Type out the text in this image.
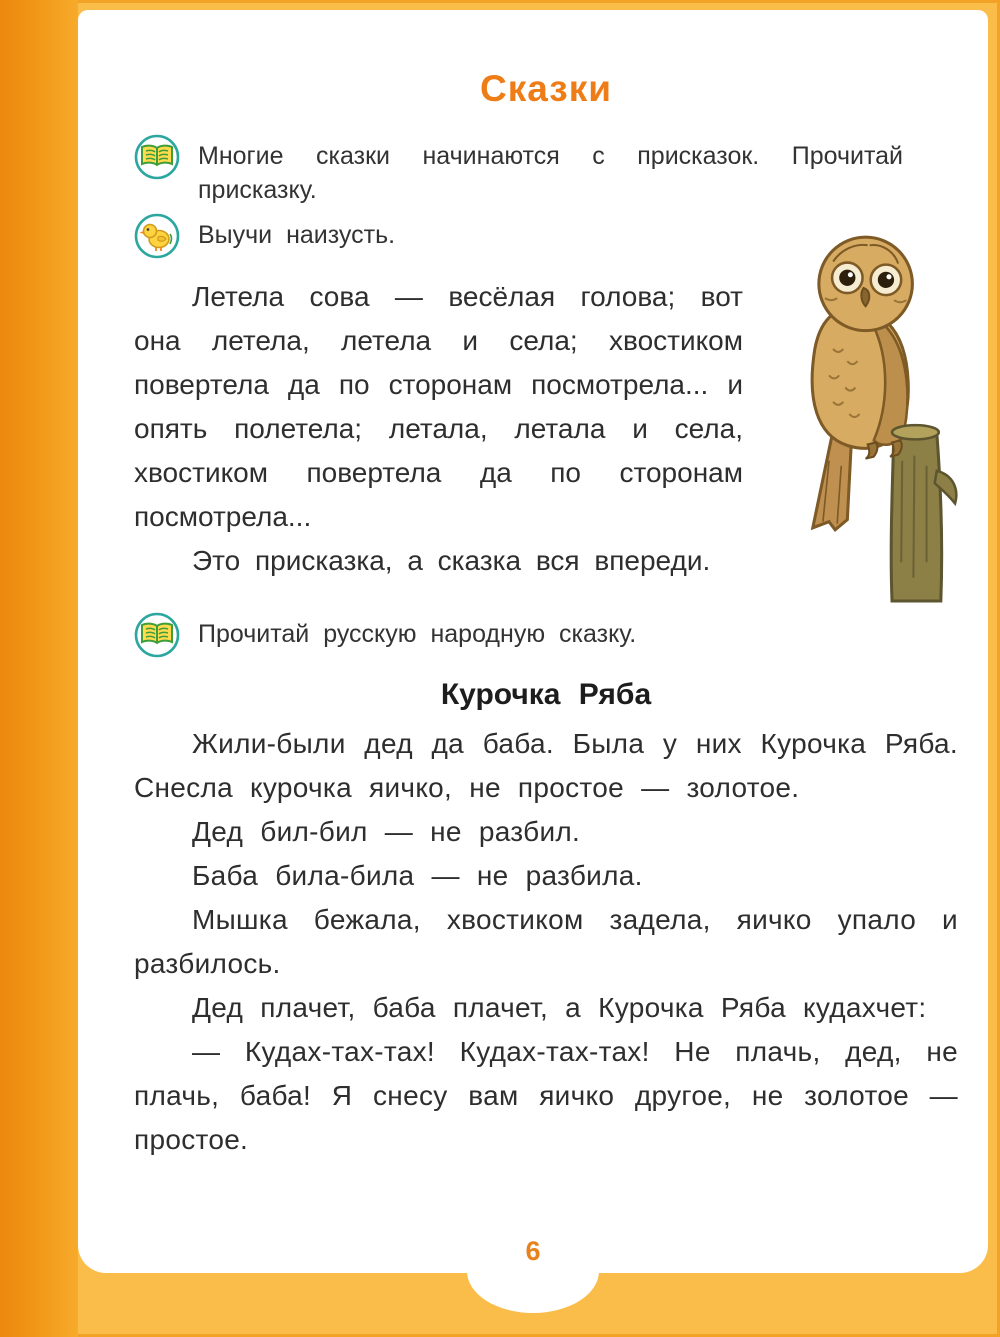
Сказки
Многие сказки начинаются с присказок. Прочитай присказку.
Выучи наизусть.

Летела сова — весёлая голова; вот она летела, летела и села; хвостиком повертела да по сторонам посмотрела... и опять полетела; летала, летала и села, хвостиком повертела да по сторонам посмотрела...

Это присказка, а сказка вся впереди.

Прочитай русскую народную сказку.
Курочка Ряба

Жили-были дед да баба. Была у них Курочка Ряба. Снесла курочка яичко, не простое — золотое.

Дед бил-бил — не разбил.

Баба била-била — не разбила.

Мышка бежала, хвостиком задела, яичко упало и разбилось.

Дед плачет, баба плачет, а Курочка Ряба кудахчет:

— Кудах-тах-тах! Кудах-тах-тах! Не плачь, дед, не плачь, баба! Я снесу вам яичко другое, не золотое — простое.

6
